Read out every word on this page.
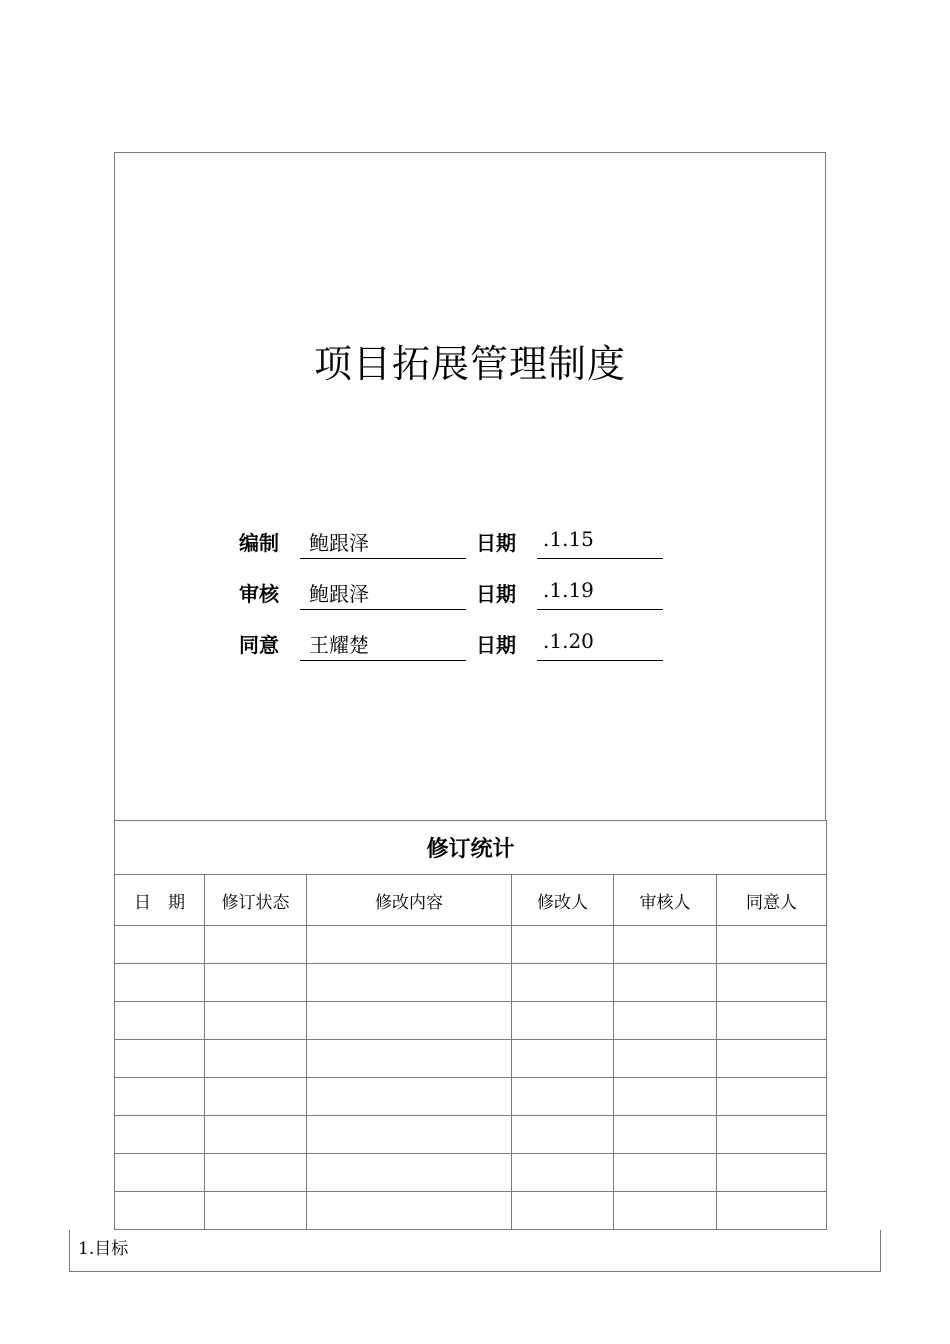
项目拓展管理制度
编制 鲍跟泽	日期 .1.15
审核 鲍跟泽	日期 .1.19
同意 王耀楚	日期 .1.20
修订统计					
日　期	修订状态	修改内容	修改人	审核人	同意人

1.目标
